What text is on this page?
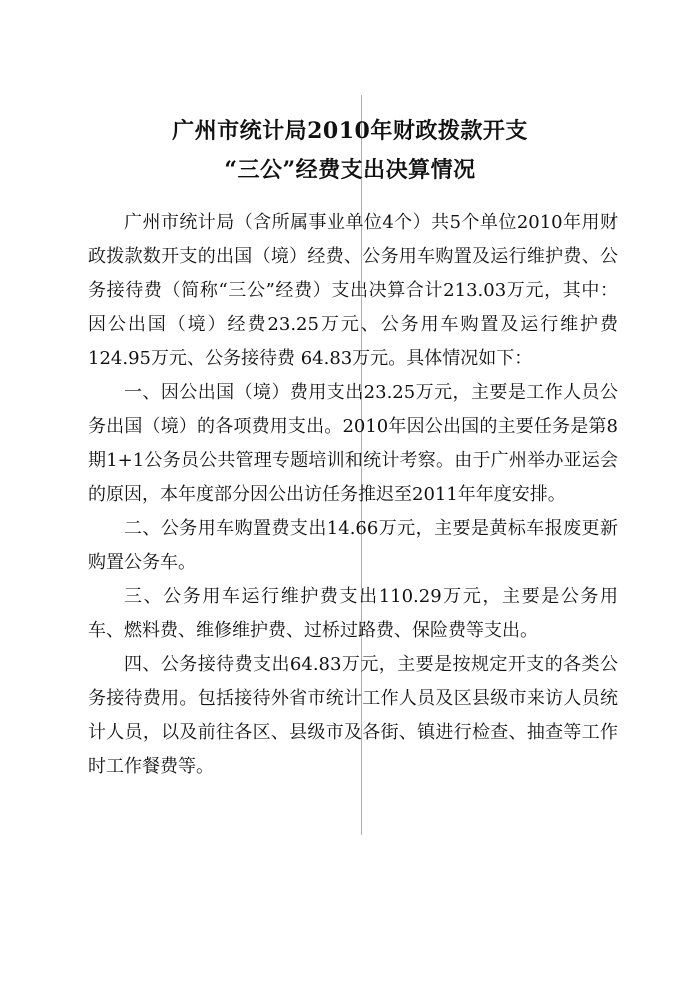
广州市统计局2010年财政拨款开支
“三公”经费支出决算情况

广州市统计局（含所属事业单位4个）共5个单位2010年用财政拨款数开支的出国（境）经费、公务用车购置及运行维护费、公务接待费（简称“三公”经费）支出决算合计213.03万元，其中：因公出国（境）经费23.25万元、公务用车购置及运行维护费124.95万元、公务接待费 64.83万元。具体情况如下：

一、因公出国（境）费用支出23.25万元，主要是工作人员公务出国（境）的各项费用支出。2010年因公出国的主要任务是第8期1+1公务员公共管理专题培训和统计考察。由于广州举办亚运会的原因，本年度部分因公出访任务推迟至2011年年度安排。

二、公务用车购置费支出14.66万元，主要是黄标车报废更新购置公务车。

三、公务用车运行维护费支出110.29万元，主要是公务用车、燃料费、维修维护费、过桥过路费、保险费等支出。

四、公务接待费支出64.83万元，主要是按规定开支的各类公务接待费用。包括接待外省市统计工作人员及区县级市来访人员统计人员，以及前往各区、县级市及各街、镇进行检查、抽查等工作时工作餐费等。
